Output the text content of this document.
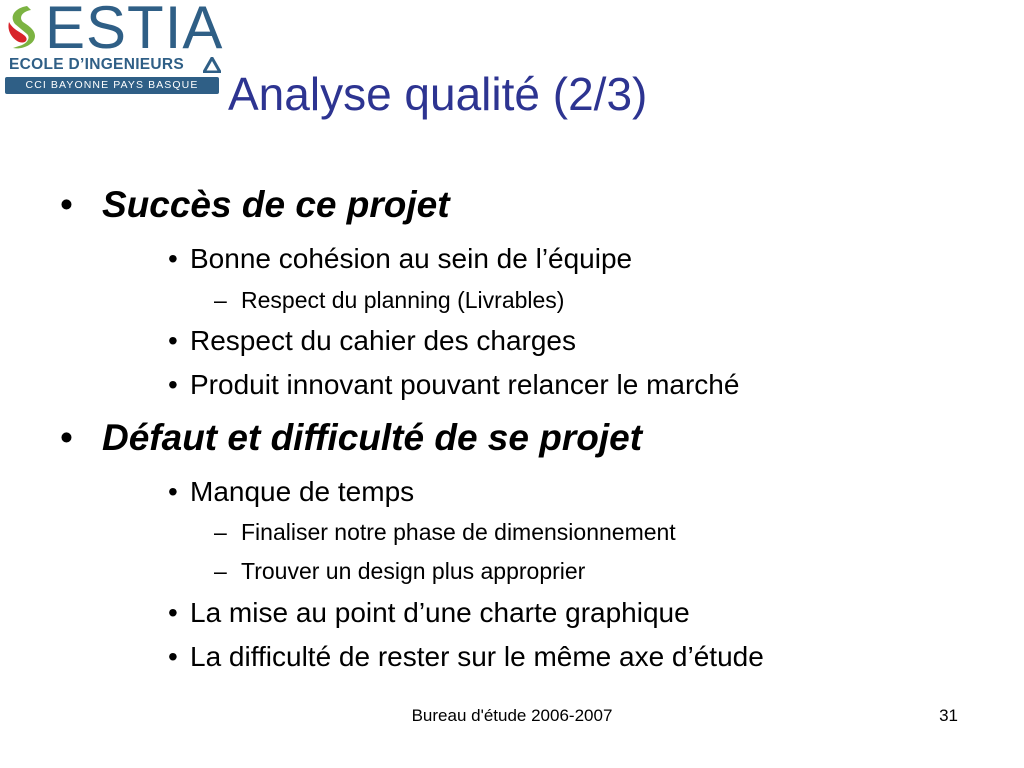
ESTIA
ECOLE D’INGENIEURS
CCI BAYONNE PAYS BASQUE Analyse qualité (2/3)
• Succès de ce projet
• Bonne cohésion au sein de l’équipe
– Respect du planning (Livrables)
• Respect du cahier des charges
• Produit innovant pouvant relancer le marché
• Défaut et difficulté de se projet
• Manque de temps
– Finaliser notre phase de dimensionnement
– Trouver un design plus approprier
• La mise au point d’une charte graphique
• La difficulté de rester sur le même axe d’étude
Bureau d'étude 2006-2007	31
